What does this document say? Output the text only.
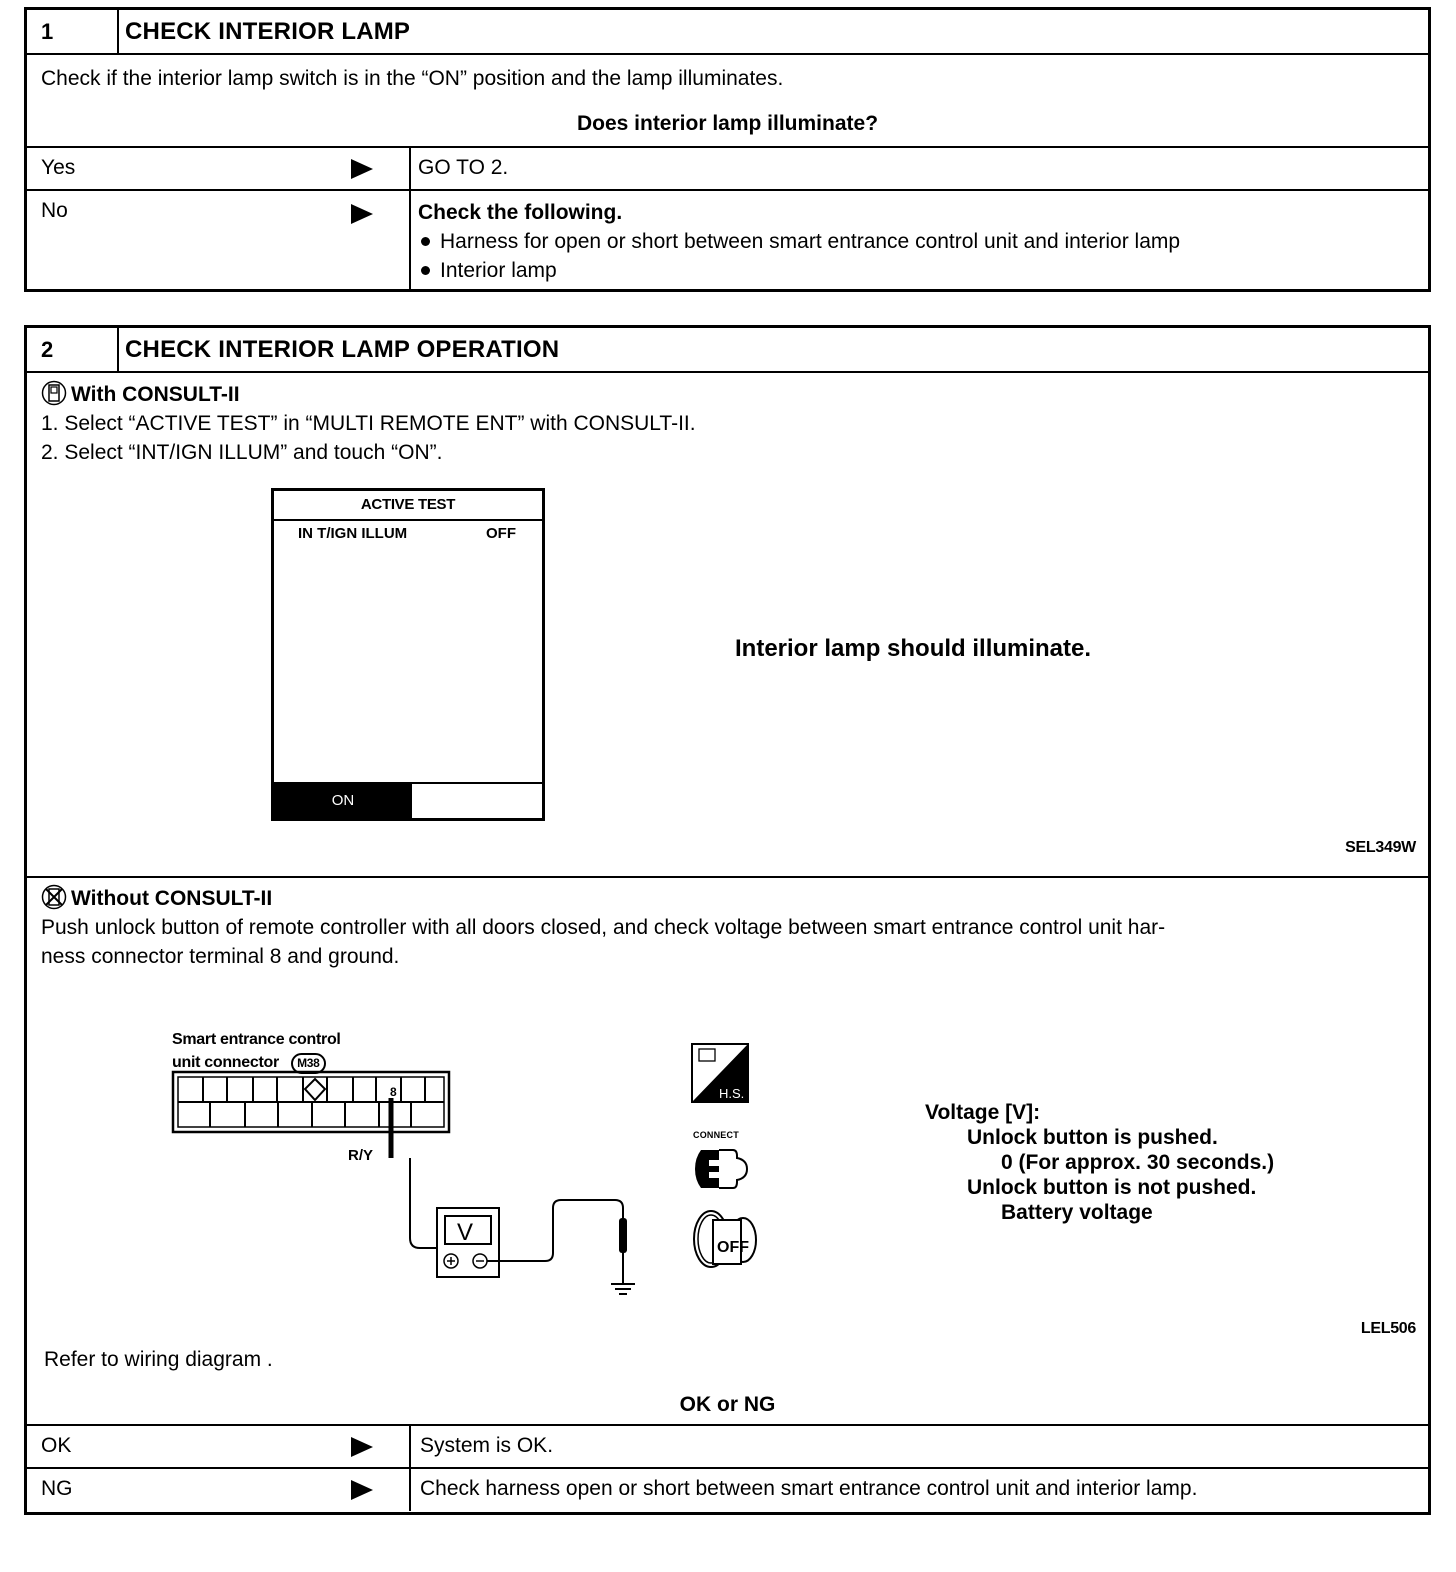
1	CHECK INTERIOR LAMP
Check if the interior lamp switch is in the “ON” position and the lamp illuminates.
Does interior lamp illuminate?
Yes	GO TO 2.
No	Check the following.
Harness for open or short between smart entrance control unit and interior lamp
Interior lamp
2	CHECK INTERIOR LAMP OPERATION
With CONSULT-II
1. Select “ACTIVE TEST” in “MULTI REMOTE ENT” with CONSULT-II.
2. Select “INT/IGN ILLUM” and touch “ON”.
ACTIVE TEST
IN T/IGN ILLUM	OFF
ON
Interior lamp should illuminate.
SEL349W
Without CONSULT-II
Push unlock button of remote controller with all doors closed, and check voltage between smart entrance control unit har-
ness connector terminal 8 and ground.
Smart entrance control
unit connector M38
8
R/Y
V
H.S.
CONNECT
OFF
Voltage [V]:
Unlock button is pushed.
0 (For approx. 30 seconds.)
Unlock button is not pushed.
Battery voltage
LEL506
Refer to wiring diagram .
OK or NG
OK	System is OK.
NG	Check harness open or short between smart entrance control unit and interior lamp.
